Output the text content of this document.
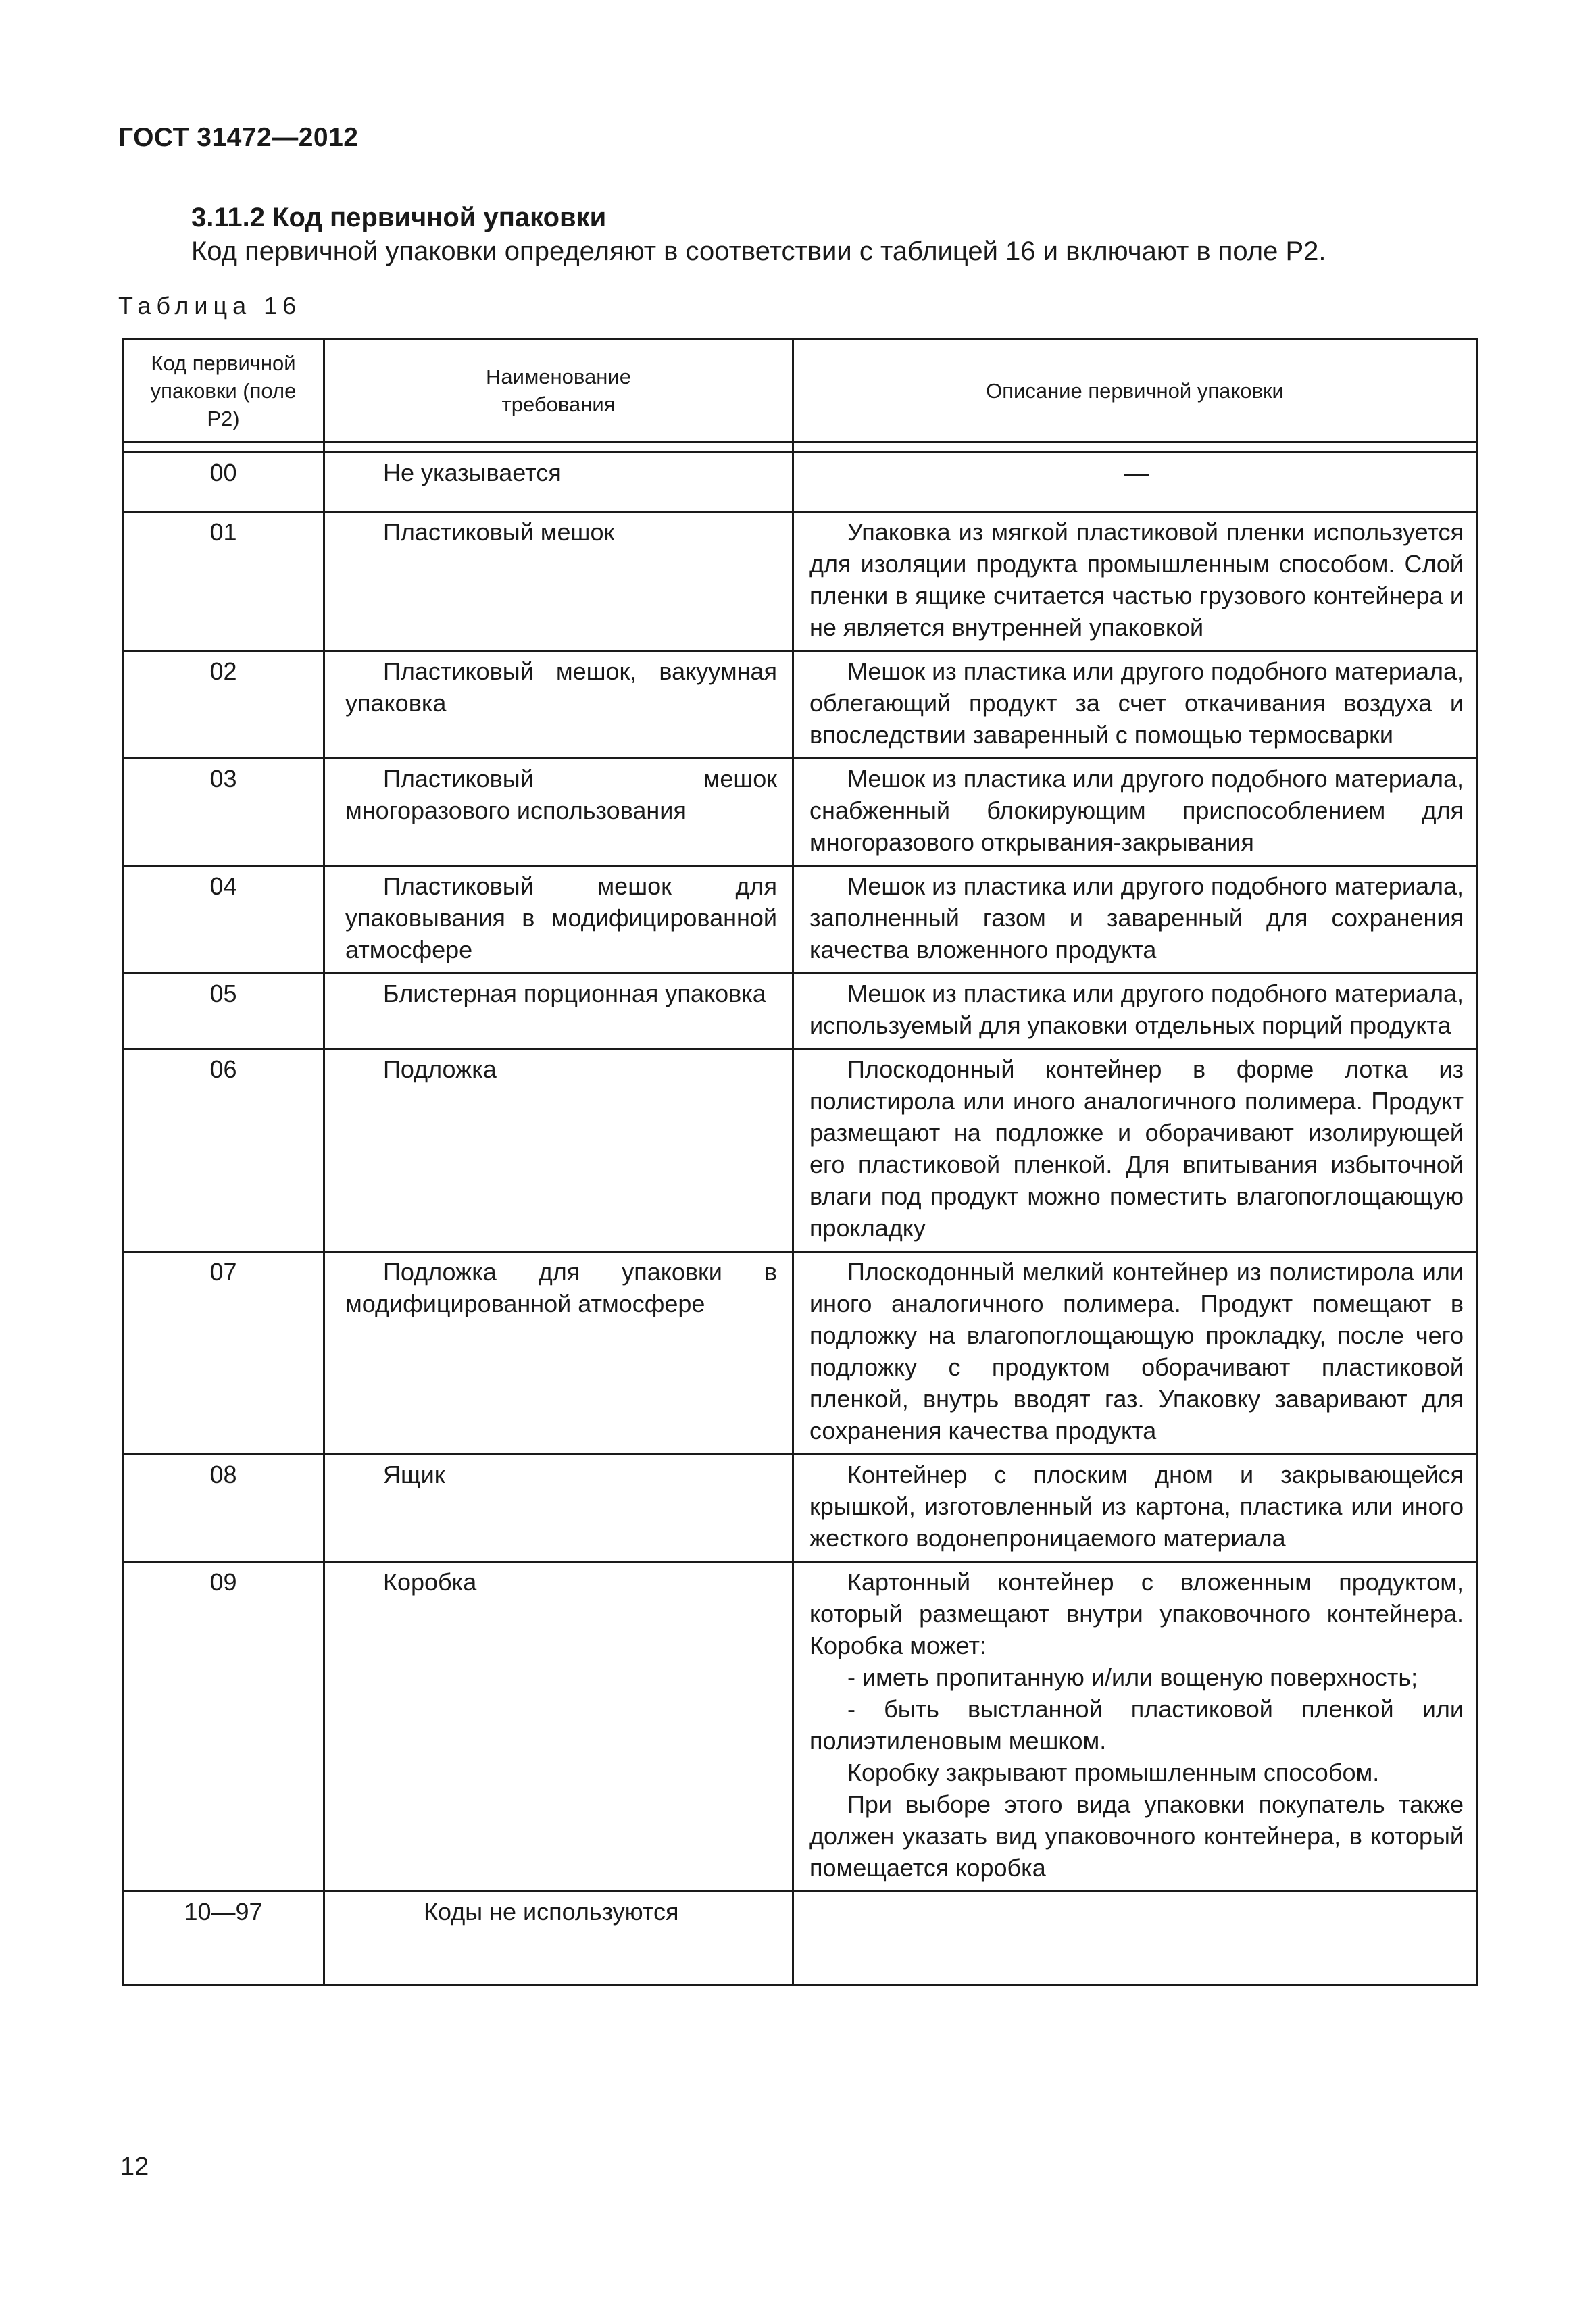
ГОСТ 31472—2012
3.11.2 Код первичной упаковки
Код первичной упаковки определяют в соответствии с таблицей 16 и включают в поле Р2.
Таблица 16
Код первичной упаковки (поле Р2)	Наименование требования	Описание первичной упаковки

00	Не указывается	—

01	Пластиковый мешок	Упаковка из мягкой пластиковой пленки используется для изоляции продукта промышленным способом. Слой пленки в ящике считается частью грузового контейнера и не является внутренней упаковкой

02	Пластиковый мешок, вакуумная упаковка	Мешок из пластика или другого подобного материала, облегающий продукт за счет откачивания воздуха и впоследствии заваренный с помощью термосварки

03	Пластиковый мешок многоразового использования	Мешок из пластика или другого подобного материала, снабженный блокирующим приспособлением для многоразового открывания-закрывания

04	Пластиковый мешок для упаковывания в модифицированной атмосфере	Мешок из пластика или другого подобного материала, заполненный газом и заваренный для сохранения качества вложенного продукта

05	Блистерная порционная упаковка	Мешок из пластика или другого подобного материала, используемый для упаковки отдельных порций продукта

06	Подложка	Плоскодонный контейнер в форме лотка из полистирола или иного аналогичного полимера. Продукт размещают на подложке и оборачивают изолирующей его пластиковой пленкой. Для впитывания избыточной влаги под продукт можно поместить влагопоглощающую прокладку

07	Подложка для упаковки в модифицированной атмосфере	Плоскодонный мелкий контейнер из полистирола или иного аналогичного полимера. Продукт помещают в подложку на влагопоглощающую прокладку, после чего подложку с продуктом оборачивают пластиковой пленкой, внутрь вводят газ. Упаковку заваривают для сохранения качества продукта

08	Ящик	Контейнер с плоским дном и закрывающейся крышкой, изготовленный из картона, пластика или иного жесткого водонепроницаемого материала

09	Коробка	Картонный контейнер с вложенным продуктом, который размещают внутри упаковочного контейнера. Коробка может:
- иметь пропитанную и/или вощеную поверхность;
- быть выстланной пластиковой пленкой или полиэтиленовым мешком.
Коробку закрывают промышленным способом.
При выборе этого вида упаковки покупатель также должен указать вид упаковочного контейнера, в который помещается коробка

10—97	Коды не используются	
12
